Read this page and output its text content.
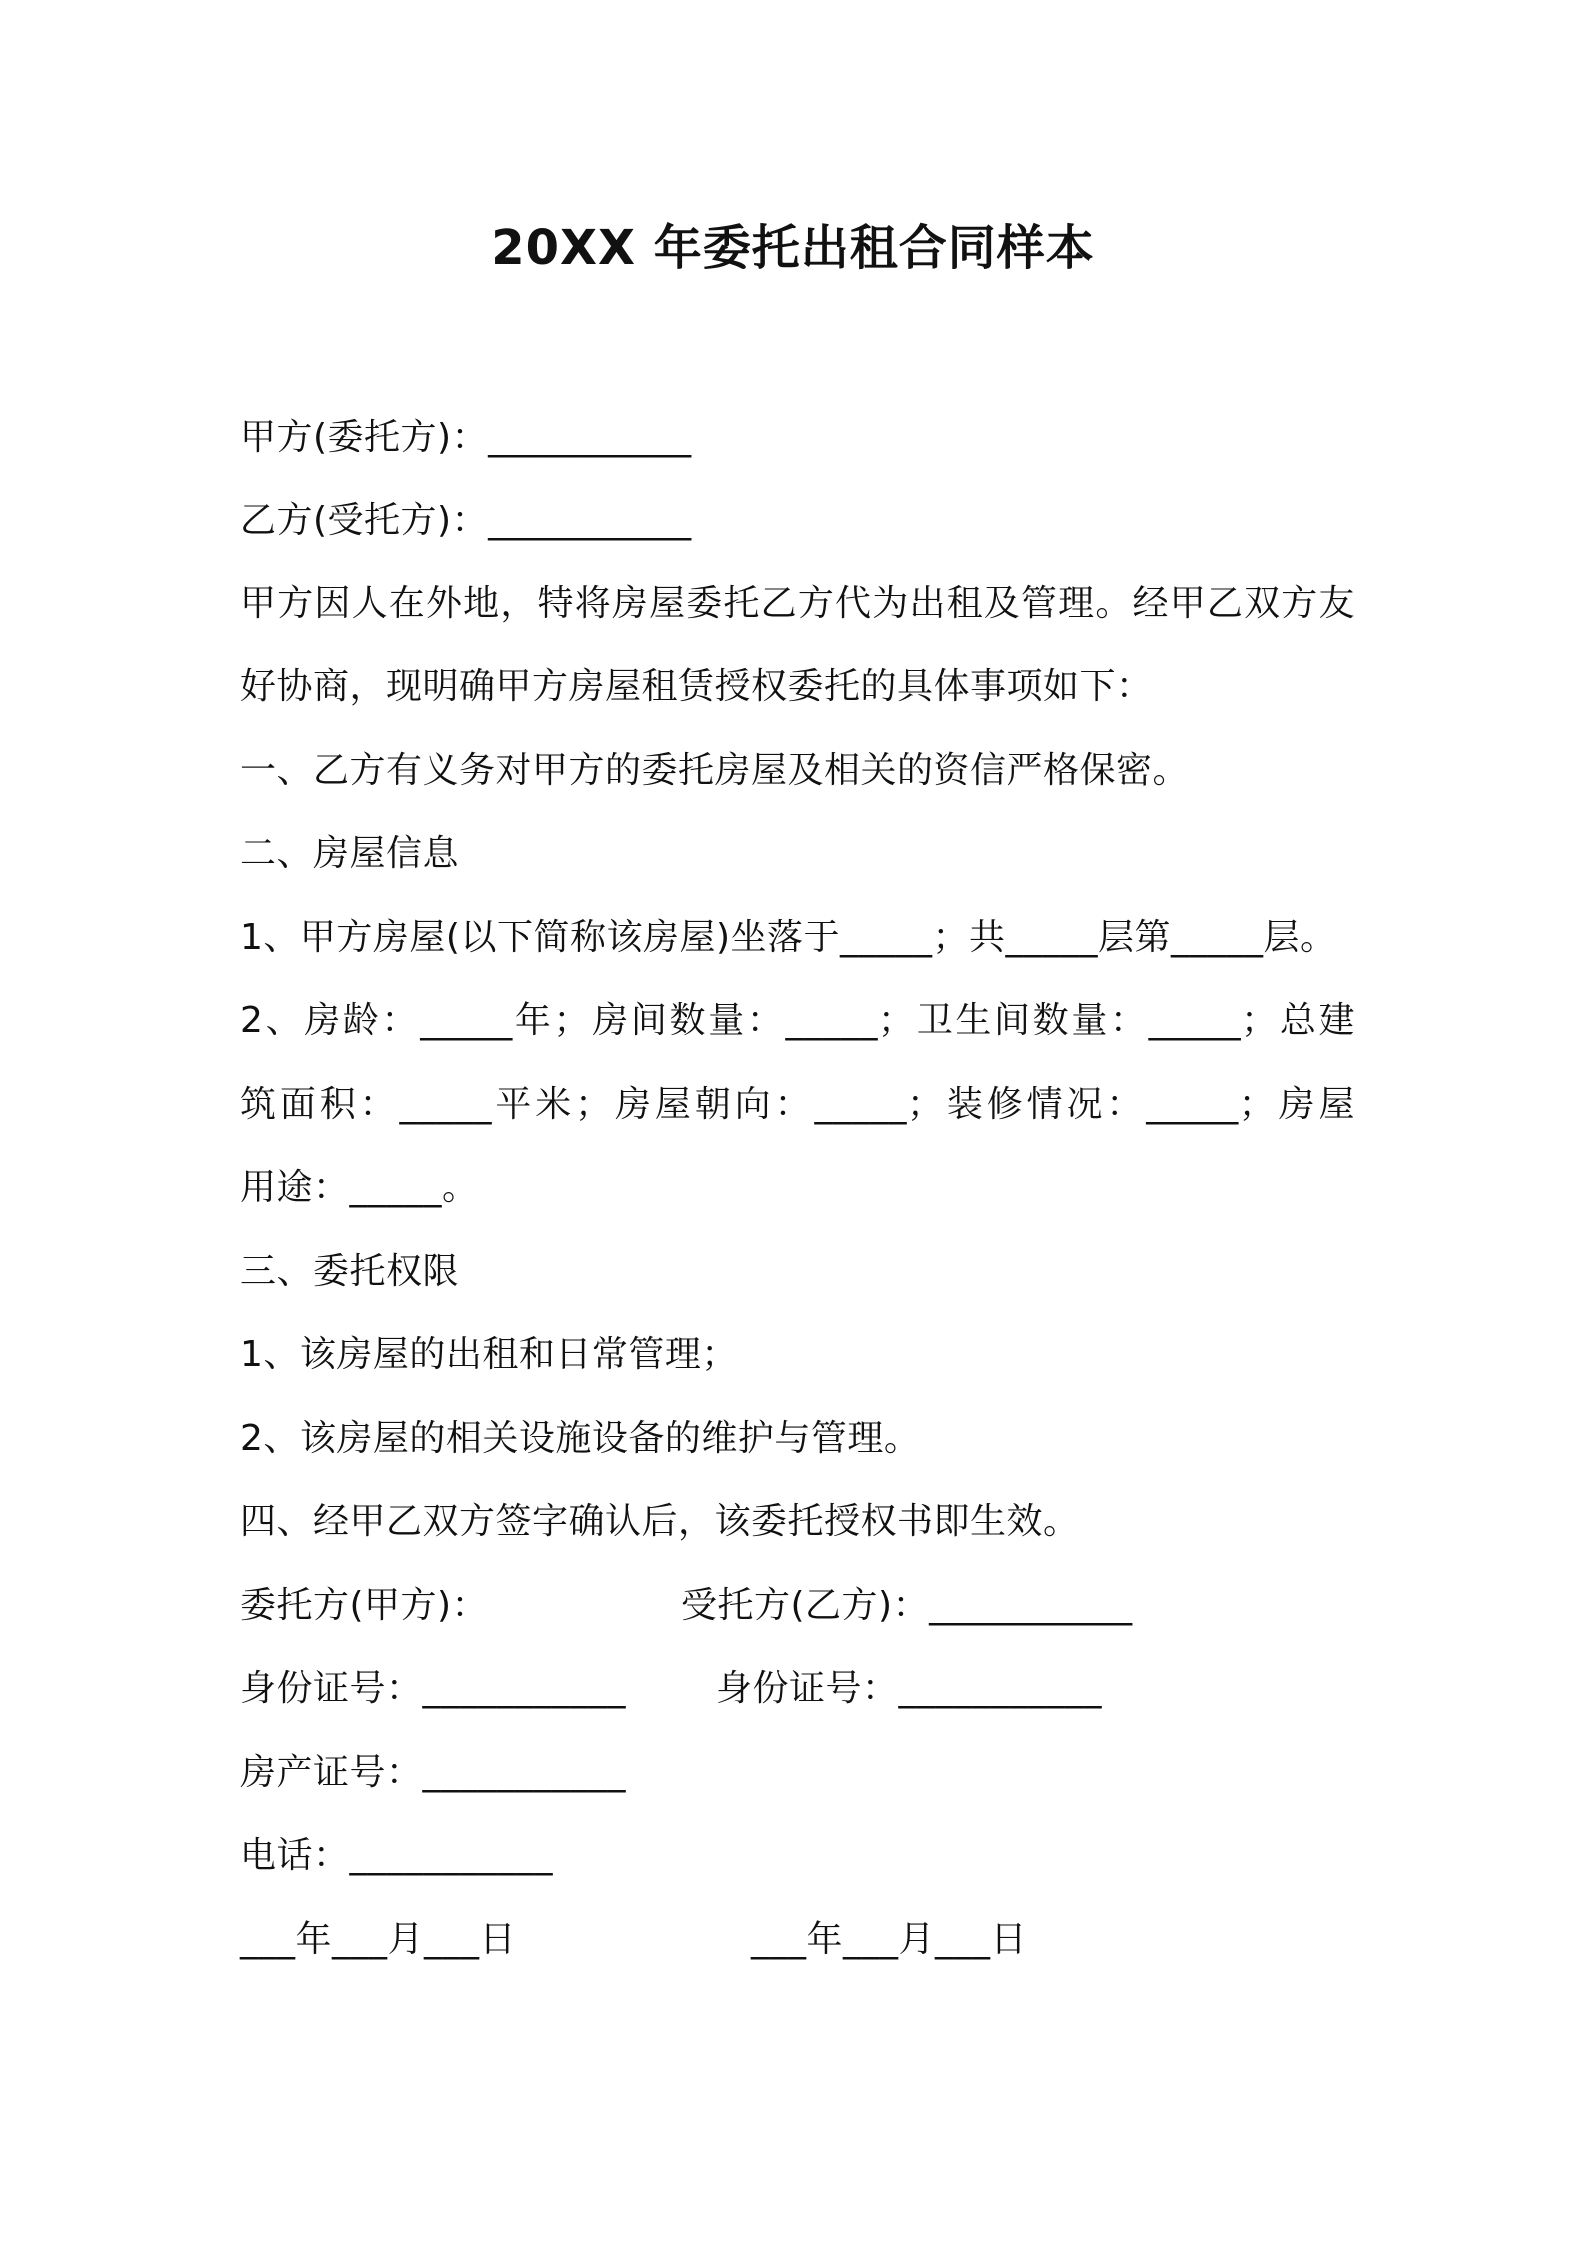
20XX 年委托出租合同样本
甲方(委托方)：___________
乙方(受托方)：___________
甲方因人在外地，特将房屋委托乙方代为出租及管理。经甲乙双方友
好协商，现明确甲方房屋租赁授权委托的具体事项如下：
一、乙方有义务对甲方的委托房屋及相关的资信严格保密。
二、房屋信息
1、甲方房屋(以下简称该房屋)坐落于_____；共_____层第_____层。
2、房龄：_____年；房间数量：_____；卫生间数量：_____；总建
筑面积：_____平米；房屋朝向：_____；装修情况：_____；房屋
用途：_____。
三、委托权限
1、该房屋的出租和日常管理；
2、该房屋的相关设施设备的维护与管理。
四、经甲乙双方签字确认后，该委托授权书即生效。
委托方(甲方)：	受托方(乙方)：___________
身份证号：___________ 身份证号：___________
房产证号：___________
电话：___________
___年___月___日	___年___月___日
